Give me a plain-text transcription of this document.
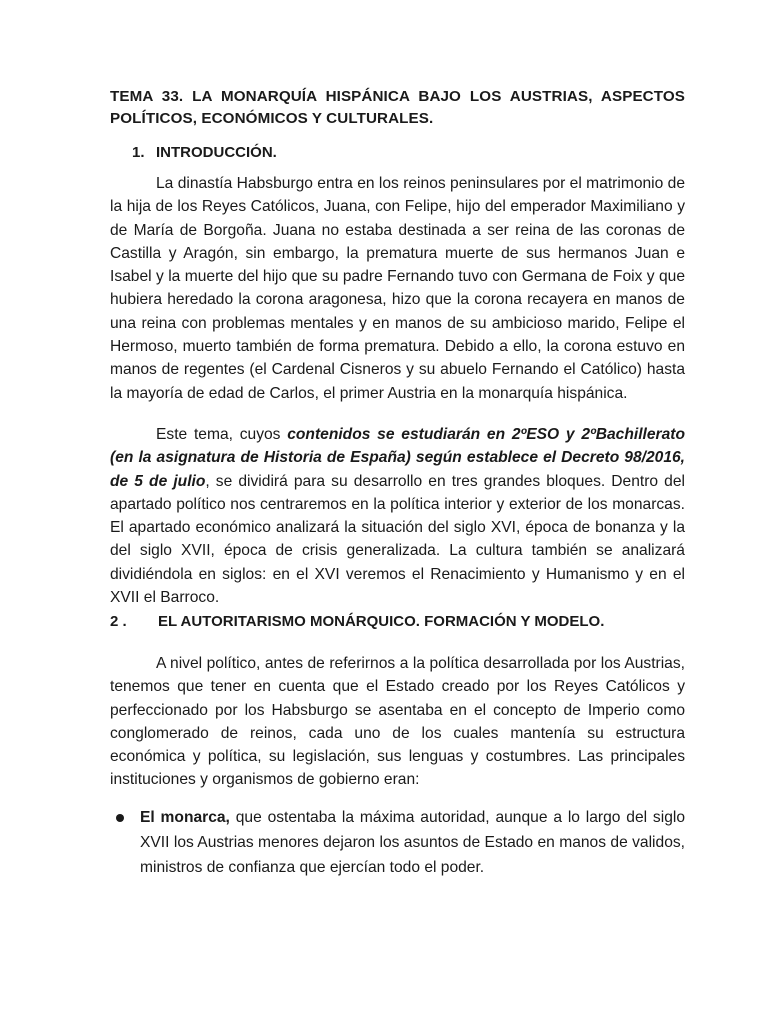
TEMA 33. LA MONARQUÍA HISPÁNICA BAJO LOS AUSTRIAS, ASPECTOS POLÍTICOS, ECONÓMICOS Y CULTURALES.
1. INTRODUCCIÓN.

La dinastía Habsburgo entra en los reinos peninsulares por el matrimonio de la hija de los Reyes Católicos, Juana, con Felipe, hijo del emperador Maximiliano y de María de Borgoña. Juana no estaba destinada a ser reina de las coronas de Castilla y Aragón, sin embargo, la prematura muerte de sus hermanos Juan e Isabel y la muerte del hijo que su padre Fernando tuvo con Germana de Foix y que hubiera heredado la corona aragonesa, hizo que la corona recayera en manos de una reina con problemas mentales y en manos de su ambicioso marido, Felipe el Hermoso, muerto también de forma prematura. Debido a ello, la corona estuvo en manos de regentes (el Cardenal Cisneros y su abuelo Fernando el Católico) hasta la mayoría de edad de Carlos, el primer Austria en la monarquía hispánica.

Este tema, cuyos contenidos se estudiarán en 2ºESO y 2ºBachillerato (en la asignatura de Historia de España) según establece el Decreto 98/2016, de 5 de julio, se dividirá para su desarrollo en tres grandes bloques. Dentro del apartado político nos centraremos en la política interior y exterior de los monarcas. El apartado económico analizará la situación del siglo XVI, época de bonanza y la del siglo XVII, época de crisis generalizada. La cultura también se analizará dividiéndola en siglos: en el XVI veremos el Renacimiento y Humanismo y en el XVII el Barroco.

2 . EL AUTORITARISMO MONÁRQUICO. FORMACIÓN Y MODELO.

A nivel político, antes de referirnos a la política desarrollada por los Austrias, tenemos que tener en cuenta que el Estado creado por los Reyes Católicos y perfeccionado por los Habsburgo se asentaba en el concepto de Imperio como conglomerado de reinos, cada uno de los cuales mantenía su estructura económica y política, su legislación, sus lenguas y costumbres. Las principales instituciones y organismos de gobierno eran:

El monarca, que ostentaba la máxima autoridad, aunque a lo largo del siglo XVII los Austrias menores dejaron los asuntos de Estado en manos de validos, ministros de confianza que ejercían todo el poder.
